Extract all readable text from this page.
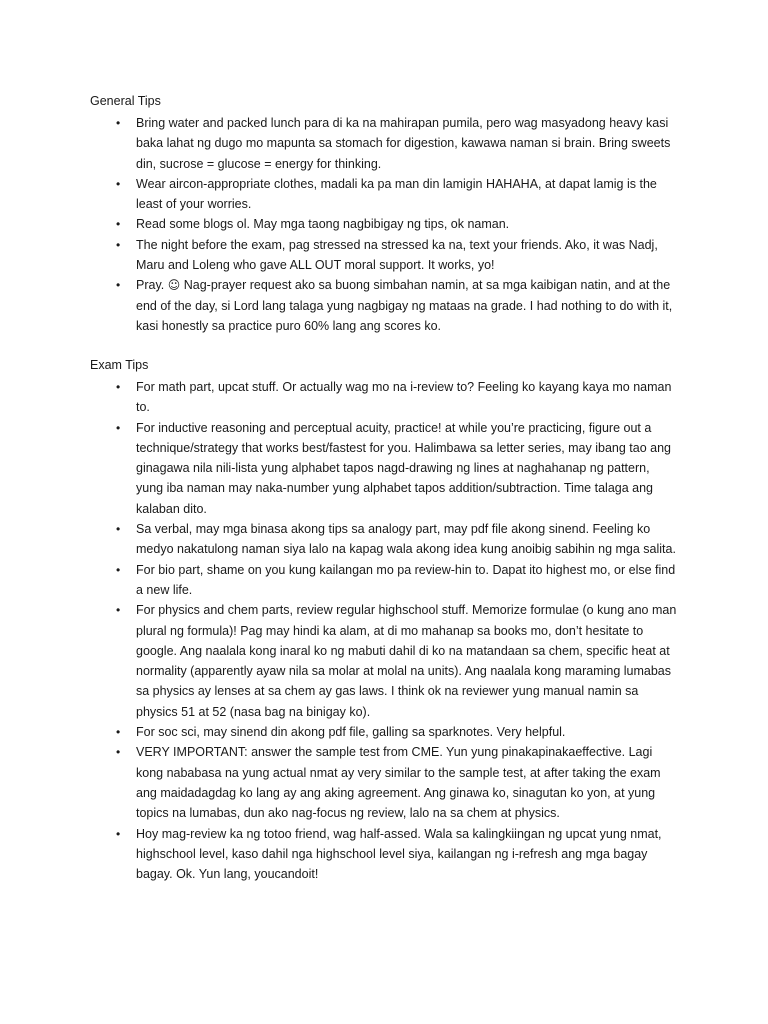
General Tips
• Bring water and packed lunch para di ka na mahirapan pumila, pero wag masyadong heavy kasi baka lahat ng dugo mo mapunta sa stomach for digestion, kawawa naman si brain. Bring sweets din, sucrose = glucose = energy for thinking.
• Wear aircon-appropriate clothes, madali ka pa man din lamigin HAHAHA, at dapat lamig is the least of your worries.
• Read some blogs ol. May mga taong nagbibigay ng tips, ok naman.
• The night before the exam, pag stressed na stressed ka na, text your friends. Ako, it was Nadj, Maru and Loleng who gave ALL OUT moral support. It works, yo!
• Pray. ☺ Nag-prayer request ako sa buong simbahan namin, at sa mga kaibigan natin, and at the end of the day, si Lord lang talaga yung nagbigay ng mataas na grade. I had nothing to do with it, kasi honestly sa practice puro 60% lang ang scores ko.
Exam Tips
• For math part, upcat stuff. Or actually wag mo na i-review to? Feeling ko kayang kaya mo naman to.
• For inductive reasoning and perceptual acuity, practice! at while you’re practicing, figure out a technique/strategy that works best/fastest for you. Halimbawa sa letter series, may ibang tao ang ginagawa nila nili-lista yung alphabet tapos nagd-drawing ng lines at naghahanap ng pattern, yung iba naman may naka-number yung alphabet tapos addition/subtraction. Time talaga ang kalaban dito.
• Sa verbal, may mga binasa akong tips sa analogy part, may pdf file akong sinend. Feeling ko medyo nakatulong naman siya lalo na kapag wala akong idea kung anoibig sabihin ng mga salita.
• For bio part, shame on you kung kailangan mo pa review-hin to. Dapat ito highest mo, or else find a new life.
• For physics and chem parts, review regular highschool stuff. Memorize formulae (o kung ano man plural ng formula)! Pag may hindi ka alam, at di mo mahanap sa books mo, don’t hesitate to google. Ang naalala kong inaral ko ng mabuti dahil di ko na matandaan sa chem, specific heat at normality (apparently ayaw nila sa molar at molal na units). Ang naalala kong maraming lumabas sa physics ay lenses at sa chem ay gas laws. I think ok na reviewer yung manual namin sa physics 51 at 52 (nasa bag na binigay ko).
• For soc sci, may sinend din akong pdf file, galling sa sparknotes. Very helpful.
• VERY IMPORTANT: answer the sample test from CME. Yun yung pinakapinakaeffective. Lagi kong nababasa na yung actual nmat ay very similar to the sample test, at after taking the exam ang maidadagdag ko lang ay ang aking agreement. Ang ginawa ko, sinagutan ko yon, at yung topics na lumabas, dun ako nag-focus ng review, lalo na sa chem at physics.
• Hoy mag-review ka ng totoo friend, wag half-assed. Wala sa kalingkiingan ng upcat yung nmat, highschool level, kaso dahil nga highschool level siya, kailangan ng i-refresh ang mga bagay bagay. Ok. Yun lang, youcandoit!
